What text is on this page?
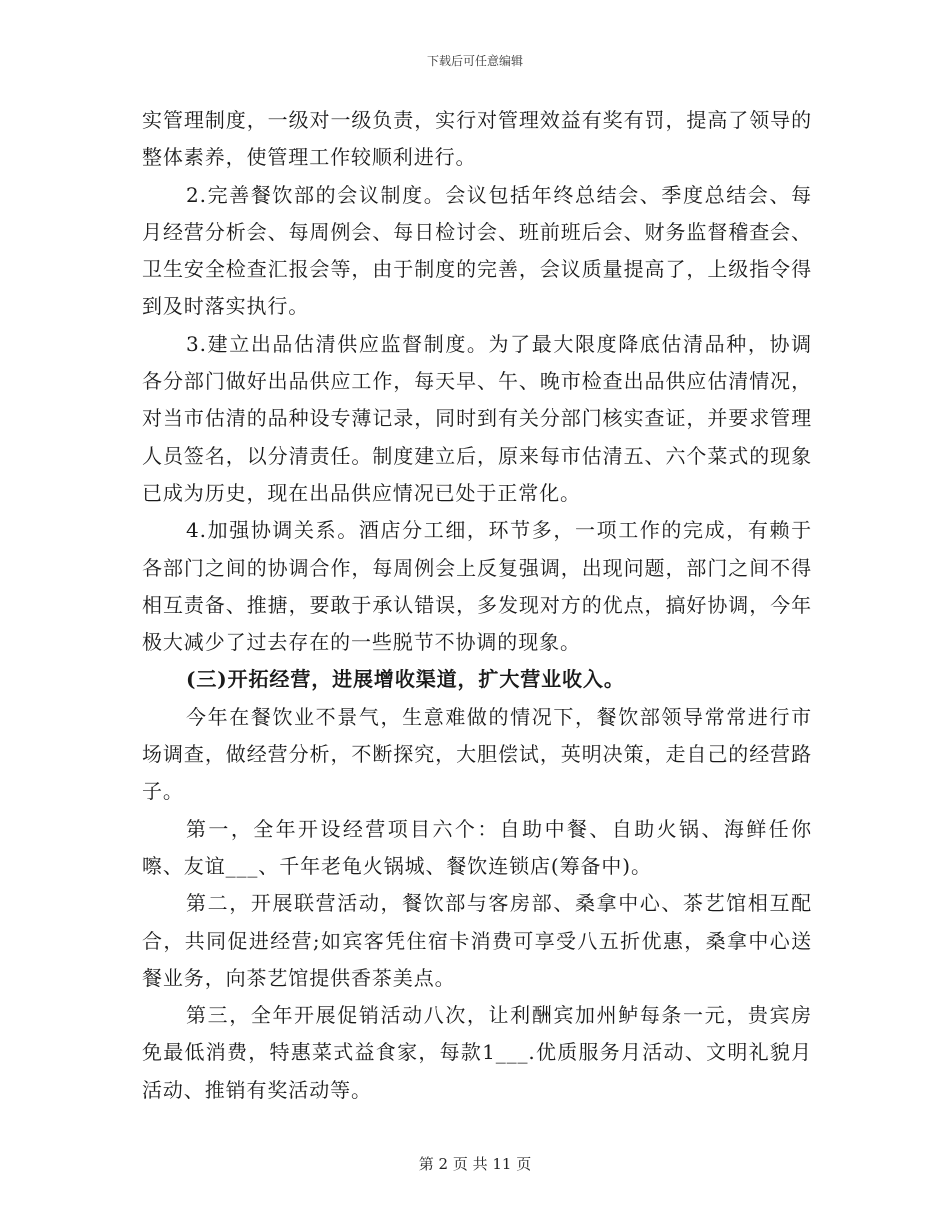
下载后可任意编辑

实管理制度，一级对一级负责，实行对管理效益有奖有罚，提高了领导的整体素养，使管理工作较顺利进行。

2.完善餐饮部的会议制度。会议包括年终总结会、季度总结会、每月经营分析会、每周例会、每日检讨会、班前班后会、财务监督稽查会、卫生安全检查汇报会等，由于制度的完善，会议质量提高了，上级指令得到及时落实执行。

3.建立出品估清供应监督制度。为了最大限度降底估清品种，协调各分部门做好出品供应工作，每天早、午、晚市检查出品供应估清情况，对当市估清的品种设专薄记录，同时到有关分部门核实查证，并要求管理人员签名，以分清责任。制度建立后，原来每市估清五、六个菜式的现象已成为历史，现在出品供应情况已处于正常化。

4.加强协调关系。酒店分工细，环节多，一项工作的完成，有赖于各部门之间的协调合作，每周例会上反复强调，出现问题，部门之间不得相互责备、推搪，要敢于承认错误，多发现对方的优点，搞好协调，今年极大减少了过去存在的一些脱节不协调的现象。

(三)开拓经营，进展增收渠道，扩大营业收入。

今年在餐饮业不景气，生意难做的情况下，餐饮部领导常常进行市场调查，做经营分析，不断探究，大胆偿试，英明决策，走自己的经营路子。

第一，全年开设经营项目六个：自助中餐、自助火锅、海鲜任你嚓、友谊___、千年老龟火锅城、餐饮连锁店(筹备中)。

第二，开展联营活动，餐饮部与客房部、桑拿中心、茶艺馆相互配合，共同促进经营;如宾客凭住宿卡消费可享受八五折优惠，桑拿中心送餐业务，向茶艺馆提供香茶美点。

第三，全年开展促销活动八次，让利酬宾加州鲈每条一元，贵宾房免最低消费，特惠菜式益食家，每款1___.优质服务月活动、文明礼貌月活动、推销有奖活动等。

第 2 页 共 11 页
